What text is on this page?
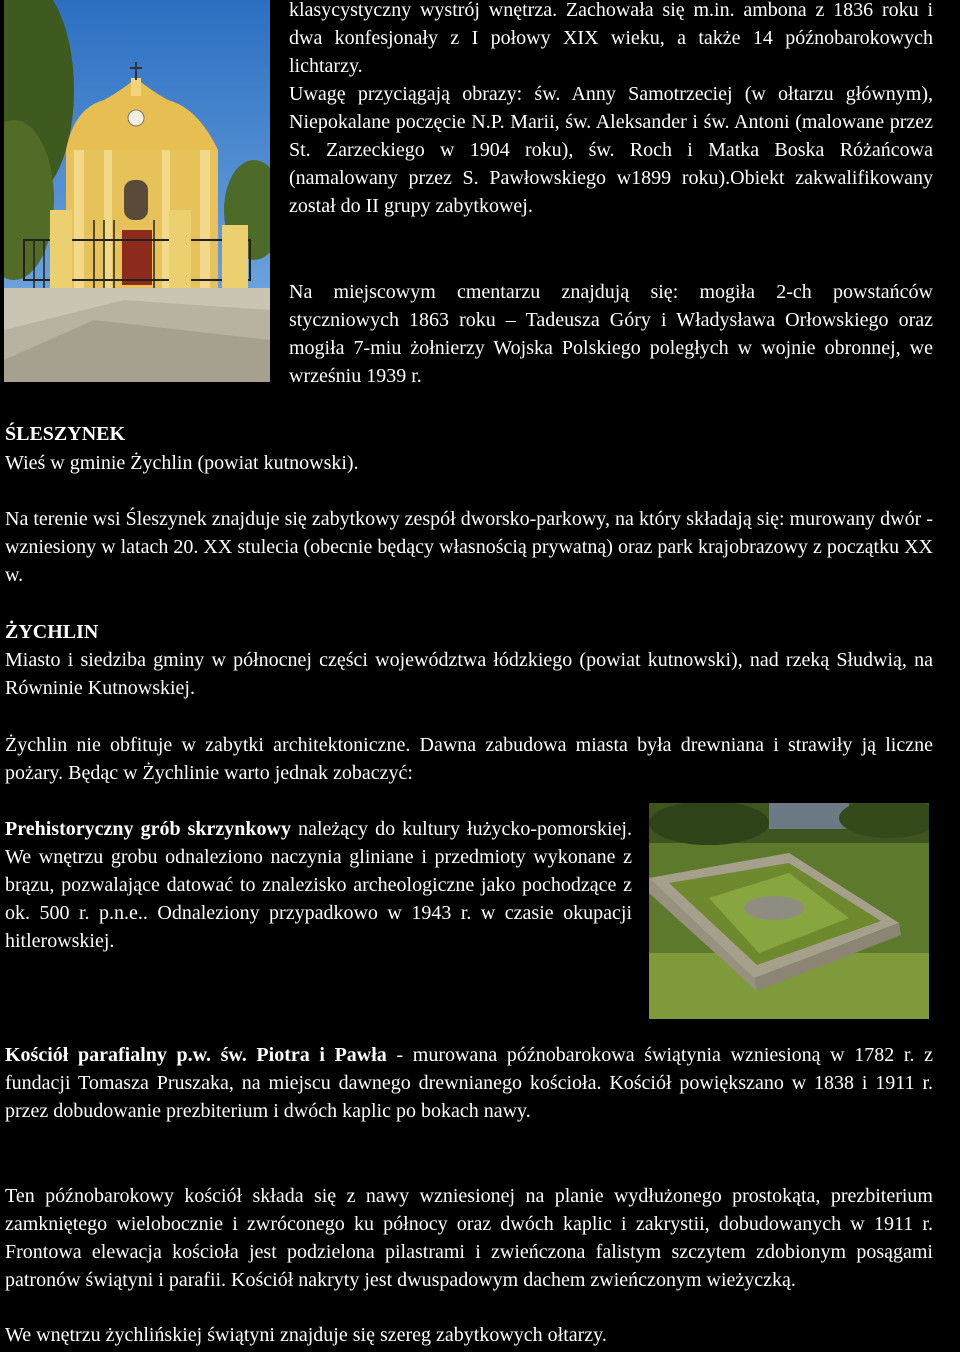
klasycystyczny wystrój wnętrza. Zachowała się m.in. ambona z 1836 roku i dwa konfesjonały z I połowy XIX wieku, a także 14 późnobarokowych lichtarzy.

Uwagę przyciągają obrazy: św. Anny Samotrzeciej (w ołtarzu głównym), Niepokalane poczęcie N.P. Marii, św. Aleksander i św. Antoni (malowane przez St. Zarzeckiego w 1904 roku), św. Roch i Matka Boska Różańcowa (namalowany przez S. Pawłowskiego w1899 roku).Obiekt zakwalifikowany został do II grupy zabytkowej.

Na miejscowym cmentarzu znajdują się: mogiła 2-ch powstańców styczniowych 1863 roku – Tadeusza Góry i Władysława Orłowskiego oraz mogiła 7-miu żołnierzy Wojska Polskiego poległych w wojnie obronnej, we wrześniu 1939 r.

ŚLESZYNEK
Wieś w gminie Żychlin (powiat kutnowski).

Na terenie wsi Śleszynek znajduje się zabytkowy zespół dworsko-parkowy, na który składają się: murowany dwór - wzniesiony w latach 20. XX stulecia (obecnie będący własnością prywatną) oraz park krajobrazowy z początku XX w.

ŻYCHLIN

Miasto i siedziba gminy w północnej części województwa łódzkiego (powiat kutnowski), nad rzeką Słudwią, na Równinie Kutnowskiej.

Żychlin nie obfituje w zabytki architektoniczne. Dawna zabudowa miasta była drewniana i strawiły ją liczne pożary. Będąc w Żychlinie warto jednak zobaczyć:

Prehistoryczny grób skrzynkowy należący do kultury łużycko-pomorskiej. We wnętrzu grobu odnaleziono naczynia gliniane i przedmioty wykonane z brązu, pozwalające datować to znalezisko archeologiczne jako pochodzące z ok. 500 r. p.n.e.. Odnaleziony przypadkowo w 1943 r. w czasie okupacji hitlerowskiej.

Kościół parafialny p.w. św. Piotra i Pawła - murowana późnobarokowa świątynia wzniesioną w 1782 r. z fundacji Tomasza Pruszaka, na miejscu dawnego drewnianego kościoła. Kościół powiększano w 1838 i 1911 r. przez dobudowanie prezbiterium i dwóch kaplic po bokach nawy.

Ten późnobarokowy kościół składa się z nawy wzniesionej na planie wydłużonego prostokąta, prezbiterium zamkniętego wielobocznie i zwróconego ku północy oraz dwóch kaplic i zakrystii, dobudowanych w 1911 r. Frontowa elewacja kościoła jest podzielona pilastrami i zwieńczona falistym szczytem zdobionym posągami patronów świątyni i parafii. Kościół nakryty jest dwuspadowym dachem zwieńczonym wieżyczką.

We wnętrzu żychlińskiej świątyni znajduje się szereg zabytkowych ołtarzy.
